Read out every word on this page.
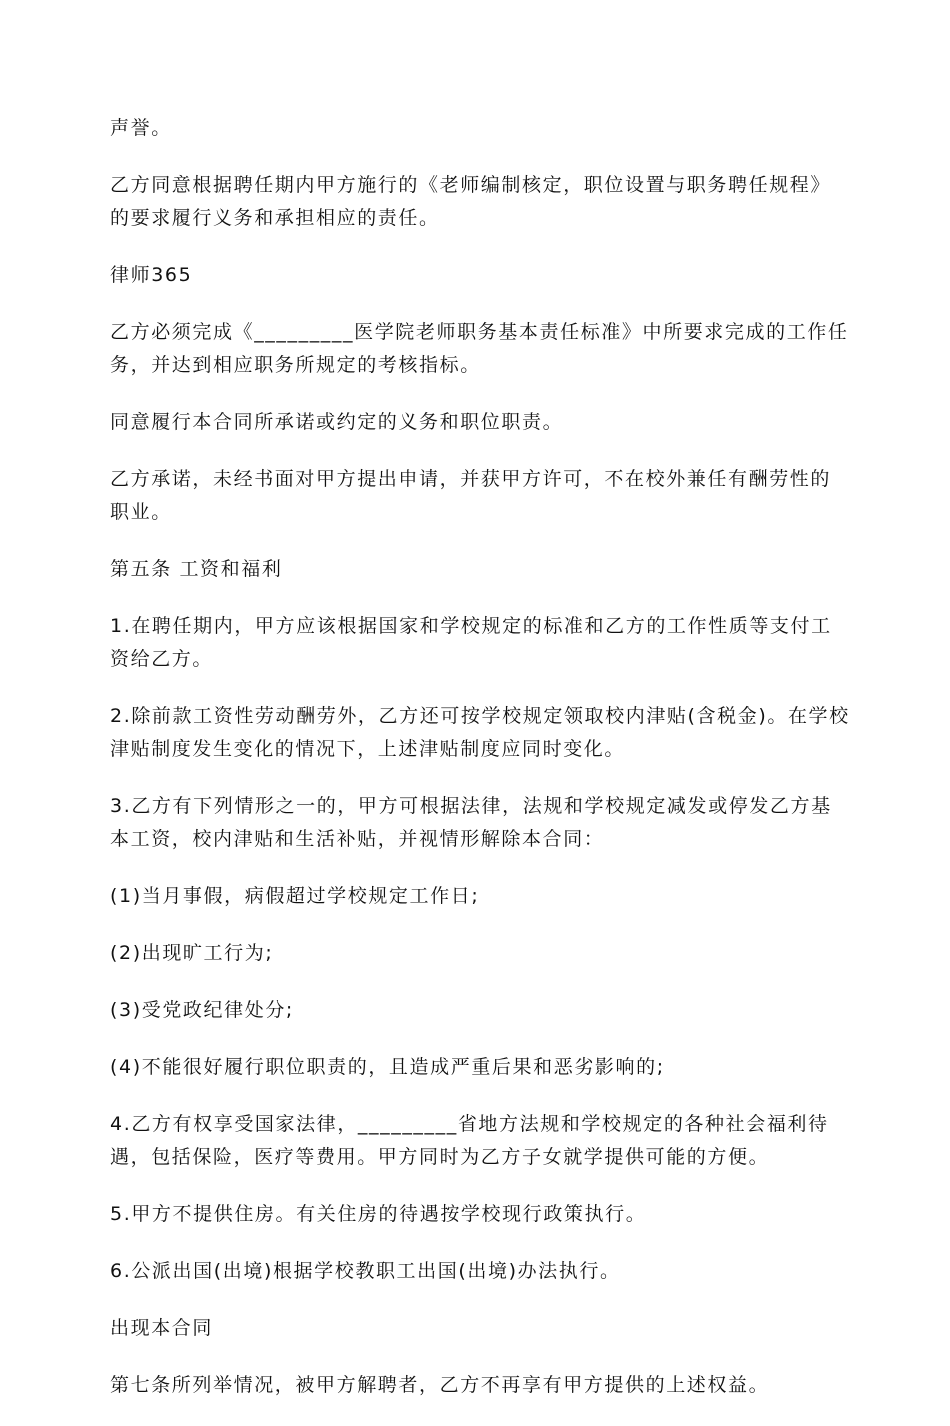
声誉。

乙方同意根据聘任期内甲方施行的《老师编制核定，职位设置与职务聘任规程》的要求履行义务和承担相应的责任。

律师365

乙方必须完成《_________医学院老师职务基本责任标准》中所要求完成的工作任务，并达到相应职务所规定的考核指标。

同意履行本合同所承诺或约定的义务和职位职责。

乙方承诺，未经书面对甲方提出申请，并获甲方许可，不在校外兼任有酬劳性的职业。

第五条 工资和福利

1.在聘任期内，甲方应该根据国家和学校规定的标准和乙方的工作性质等支付工资给乙方。

2.除前款工资性劳动酬劳外，乙方还可按学校规定领取校内津贴(含税金)。在学校津贴制度发生变化的情况下，上述津贴制度应同时变化。

3.乙方有下列情形之一的，甲方可根据法律，法规和学校规定减发或停发乙方基本工资，校内津贴和生活补贴，并视情形解除本合同：

(1)当月事假，病假超过学校规定工作日;

(2)出现旷工行为;

(3)受党政纪律处分;

(4)不能很好履行职位职责的，且造成严重后果和恶劣影响的;

4.乙方有权享受国家法律，_________省地方法规和学校规定的各种社会福利待遇，包括保险，医疗等费用。甲方同时为乙方子女就学提供可能的方便。

5.甲方不提供住房。有关住房的待遇按学校现行政策执行。

6.公派出国(出境)根据学校教职工出国(出境)办法执行。

出现本合同

第七条所列举情况，被甲方解聘者，乙方不再享有甲方提供的上述权益。
